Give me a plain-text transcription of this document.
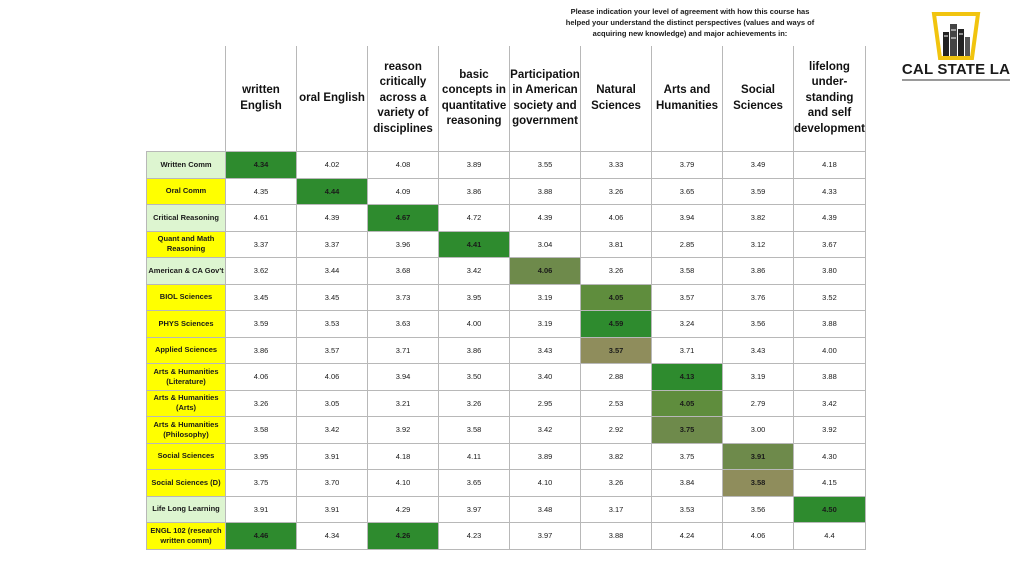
Please indication your level of agreement with how this course has helped your understand the distinct perspectives (values and ways of acquiring new knowledge) and major achievements in:
CAL STATE LA
	written English	oral English	reason critically across a variety of disciplines	basic concepts in quantitative reasoning	Participation in American society and government	Natural Sciences	Arts and Humanities	Social Sciences	lifelong under-standing and self development
Written Comm	4.34	4.02	4.08	3.89	3.55	3.33	3.79	3.49	4.18
Oral Comm	4.35	4.44	4.09	3.86	3.88	3.26	3.65	3.59	4.33
Critical Reasoning	4.61	4.39	4.67	4.72	4.39	4.06	3.94	3.82	4.39
Quant and Math Reasoning	3.37	3.37	3.96	4.41	3.04	3.81	2.85	3.12	3.67
American & CA Gov't	3.62	3.44	3.68	3.42	4.06	3.26	3.58	3.86	3.80
BIOL Sciences	3.45	3.45	3.73	3.95	3.19	4.05	3.57	3.76	3.52
PHYS Sciences	3.59	3.53	3.63	4.00	3.19	4.59	3.24	3.56	3.88
Applied Sciences	3.86	3.57	3.71	3.86	3.43	3.57	3.71	3.43	4.00
Arts & Humanities (Literature)	4.06	4.06	3.94	3.50	3.40	2.88	4.13	3.19	3.88
Arts & Humanities (Arts)	3.26	3.05	3.21	3.26	2.95	2.53	4.05	2.79	3.42
Arts & Humanities (Philosophy)	3.58	3.42	3.92	3.58	3.42	2.92	3.75	3.00	3.92
Social Sciences	3.95	3.91	4.18	4.11	3.89	3.82	3.75	3.91	4.30
Social Sciences (D)	3.75	3.70	4.10	3.65	4.10	3.26	3.84	3.58	4.15
Life Long Learning	3.91	3.91	4.29	3.97	3.48	3.17	3.53	3.56	4.50
ENGL 102 (research written comm)	4.46	4.34	4.26	4.23	3.97	3.88	4.24	4.06	4.4
